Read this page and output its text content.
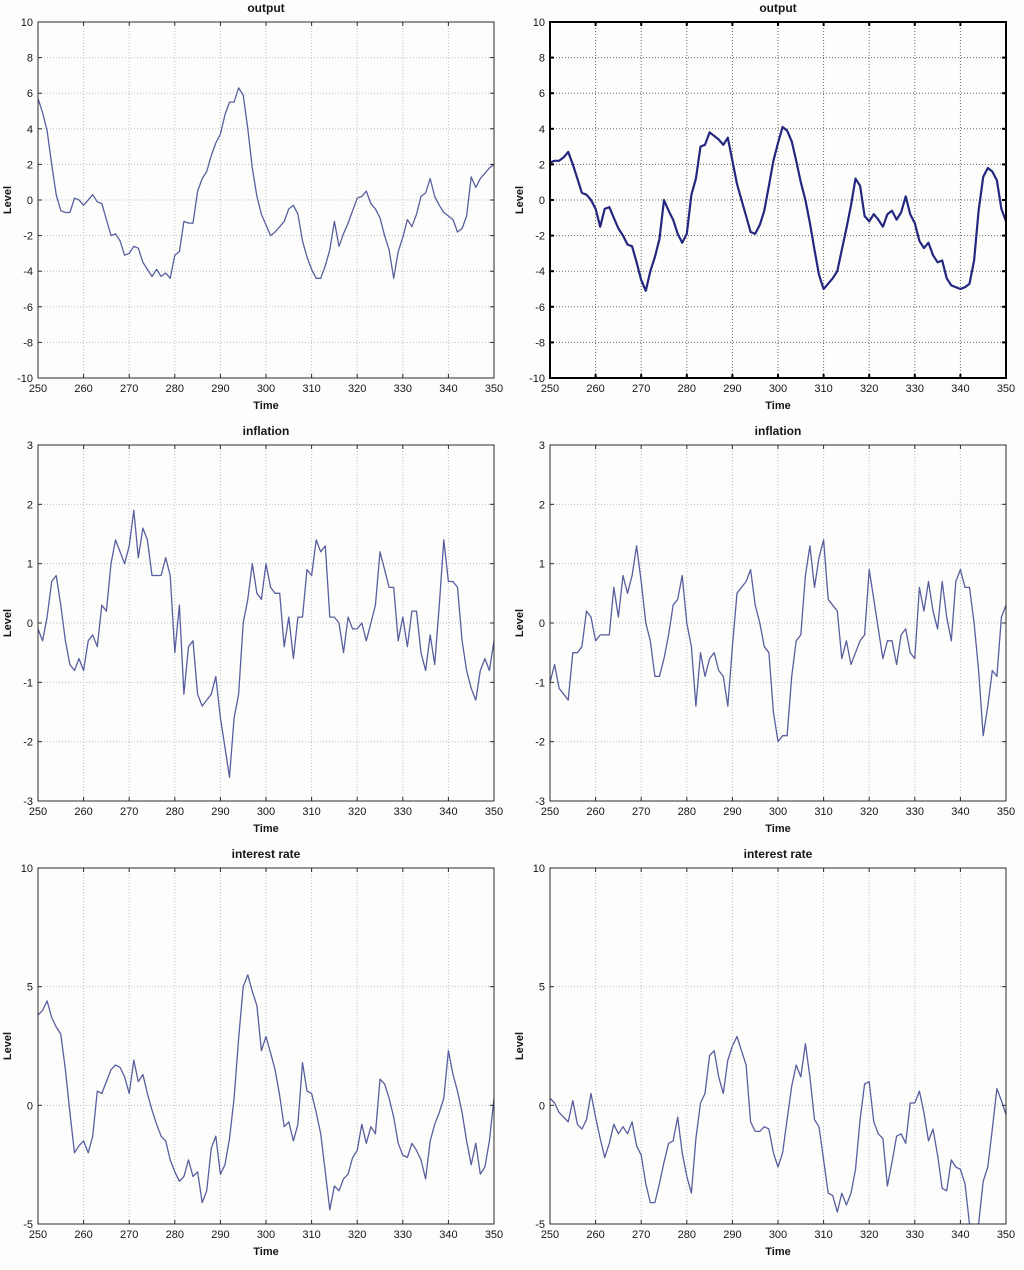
250 260 270 280 290 300 310 320 330 340 350
-10
-8
-6
-4
-2
0
2
4
6
8
10
output
Time
Level
250 260 270 280 290 300 310 320 330 340 350
-10
-8
-6
-4
-2
0
2
4
6
8
10
output
Time
Level
250 260 270 280 290 300 310 320 330 340 350
-3
-2
-1
0
1
2
3
inflation
Time
Level
250 260 270 280 290 300 310 320 330 340 350
-3
-2
-1
0
1
2
3
inflation
Time
Level
250 260 270 280 290 300 310 320 330 340 350
-5
0
5
10
interest rate
Time
Level
250 260 270 280 290 300 310 320 330 340 350
-5
0
5
10
interest rate
Time
Level
